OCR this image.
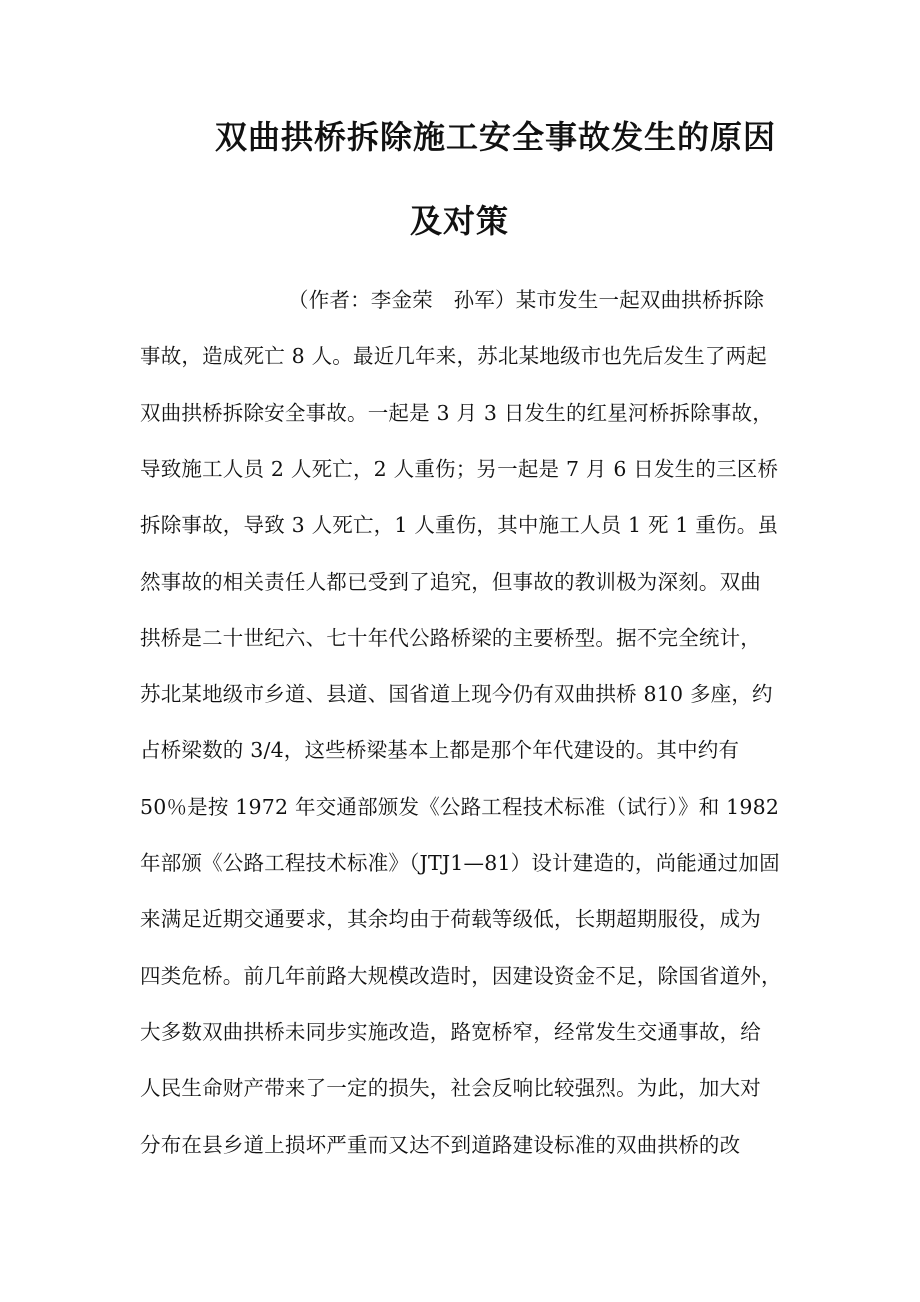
双曲拱桥拆除施工安全事故发生的原因
及对策
（作者：李金荣　孙军）某市发生一起双曲拱桥拆除
事故，造成死亡 8 人。最近几年来，苏北某地级市也先后发生了两起
双曲拱桥拆除安全事故。一起是 3 月 3 日发生的红星河桥拆除事故，
导致施工人员 2 人死亡，2 人重伤；另一起是 7 月 6 日发生的三区桥
拆除事故，导致 3 人死亡，1 人重伤，其中施工人员 1 死 1 重伤。虽
然事故的相关责任人都已受到了追究，但事故的教训极为深刻。双曲
拱桥是二十世纪六、七十年代公路桥梁的主要桥型。据不完全统计，
苏北某地级市乡道、县道、国省道上现今仍有双曲拱桥 810 多座，约
占桥梁数的 3/4，这些桥梁基本上都是那个年代建设的。其中约有
50％是按 1972 年交通部颁发《公路工程技术标准（试行）》和 1982
年部颁《公路工程技术标准》（JTJ1—81）设计建造的，尚能通过加固
来满足近期交通要求，其余均由于荷载等级低，长期超期服役，成为
四类危桥。前几年前路大规模改造时，因建设资金不足，除国省道外，
大多数双曲拱桥未同步实施改造，路宽桥窄，经常发生交通事故，给
人民生命财产带来了一定的损失，社会反响比较强烈。为此，加大对
分布在县乡道上损坏严重而又达不到道路建设标准的双曲拱桥的改
